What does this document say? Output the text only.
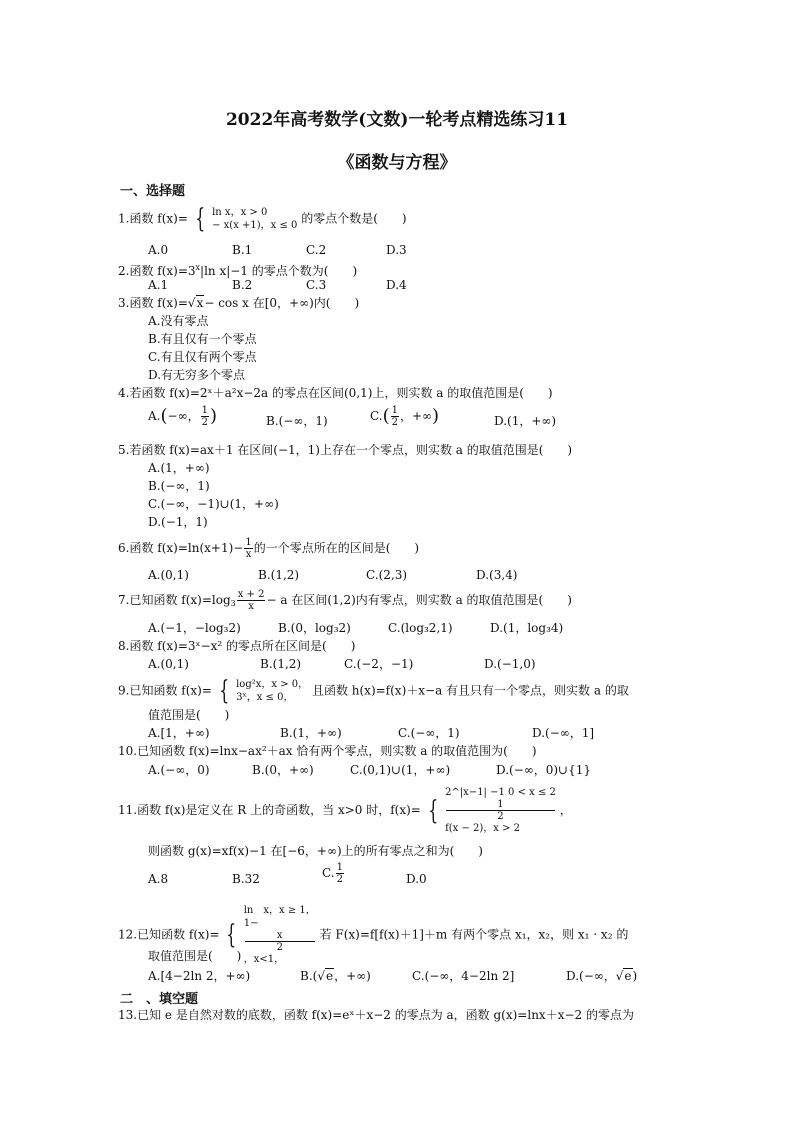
2022年高考数学(文数)一轮考点精选练习11
《函数与方程》
一、选择题
1.函数 f(x)= { ln x，x > 0
− x(x +1)，x ≤ 0 的零点个数是(　　)
A.0	B.1	C.2	D.3
2.函数 $f(x)=3^x|\ln$ x|−1 的零点个数为(　　)
A.1	B.2	C.3	D.4
3.函数 f(x)=√x− cos x 在[0，+∞)内(　　)
A.没有零点
B.有且仅有一个零点
C.有且仅有两个零点
D.有无穷多个零点
4.若函数 f(x)=2ˣ＋a²x−2a 的零点在区间(0,1)上，则实数 a 的取值范围是(　　)
A.(−∞， $\frac{1}{2}$ )	B.(−∞，1)	$C.( \frac{1}{2}$ ，+∞)	D.(1，+∞)
5.若函数 f(x)=ax＋1 在区间(−1，1)上存在一个零点，则实数 a 的取值范围是(　　)
A.(1，+∞)
B.(−∞，1)
C.(−∞，−1)∪(1，+∞)
D.(−1，1)
6.函数 $f(x)=\ln(x+1)- \frac{1}{x}$ 的一个零点所在的区间是(　　)
A.(0,1)	B.(1,2)	C.(2,3)	D.(3,4)
7.已知函数 $f(x)=\log_3 \frac{x + 2}{x} - a$ 在区间(1,2)内有零点，则实数 a 的取值范围是(　　)
A.(−1，−log₃2)	B.(0，log₃2)	C.(log₃2,1)	D.(1，log₃4)
8.函数 f(x)=3ˣ−x² 的零点所在区间是(　　)
A.(0,1)	B.(1,2)	C.(−2，−1)	D.(−1,0)
9.已知函数 f(x)= { log²x，x > 0，
3ˣ，x ≤ 0，	且函数 h(x)=f(x)＋x−a 有且只有一个零点，则实数 a 的取
值范围是(　　)
A.[1，+∞)	B.(1，+∞)	C.(−∞，1)	D.(−∞，1]
10.已知函数 f(x)=lnx−ax²＋ax 恰有两个零点，则实数 a 的取值范围为(　　)
A.(−∞，0)	B.(0，+∞)	C.(0,1)∪(1，+∞)	D.(−∞，0)∪{1}
11.函数 f(x)是定义在 R 上的奇函数，当 x>0 时，f(x)= {
2^|x−1| −1 0 < x ≤ 2
1
2
f(x − 2)，x > 2
，
则函数 g(x)=xf(x)−1 在[−6，+∞)上的所有零点之和为(　　)
A.8	B.32	C. $\frac{1}{2}$	D.0
12.已知函数 f(x)= {
ln　x，x ≥ 1，
1−
x
2
，x<1，
若 F(x)=f[f(x)＋1]＋m 有两个零点 x₁，x₂，则 x₁ · x₂ 的
取值范围是(　　)
A.[4−2ln 2，+∞)	B.(√e，+∞)	C.(−∞，4−2ln 2]	D.(−∞，√e)
二　、填空题
13.已知 e 是自然对数的底数，函数 f(x)=eˣ＋x−2 的零点为 a，函数 g(x)=lnx＋x−2 的零点为
